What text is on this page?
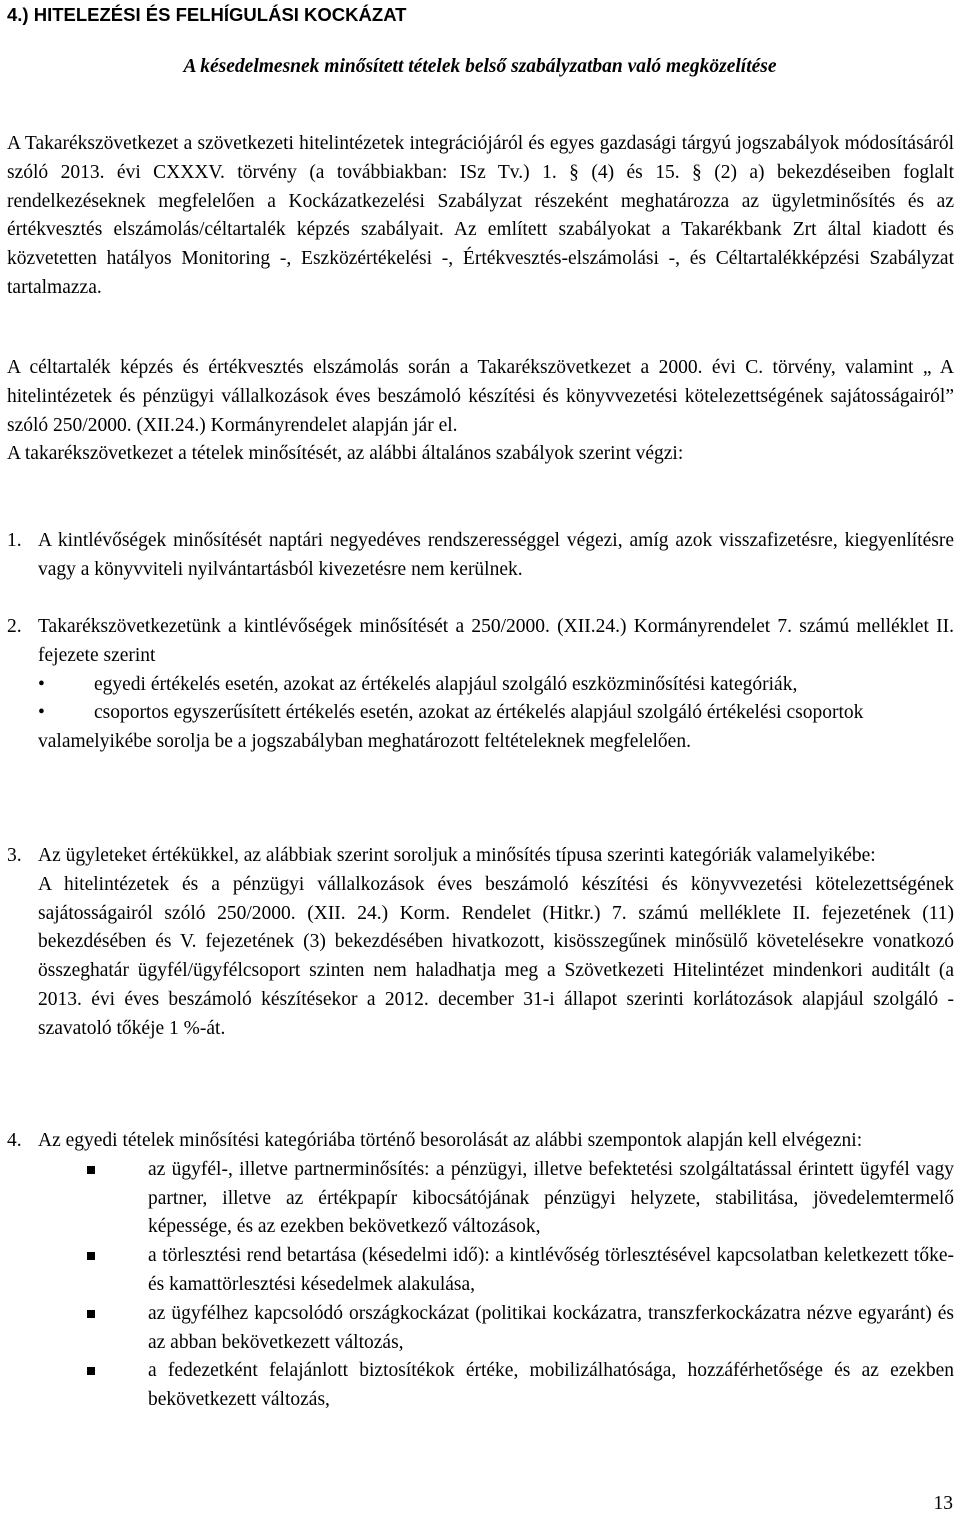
4.) HITELEZÉSI ÉS FELHÍGULÁSI KOCKÁZAT
A késedelmesnek minősített tételek belső szabályzatban való megközelítése

A Takarékszövetkezet a szövetkezeti hitelintézetek integrációjáról és egyes gazdasági tárgyú jogszabályok módosításáról szóló 2013. évi CXXXV. törvény (a továbbiakban: ISz Tv.) 1. § (4) és 15. § (2) a) bekezdéseiben foglalt rendelkezéseknek megfelelően a Kockázatkezelési Szabályzat részeként meghatározza az ügyletminősítés és az értékvesztés elszámolás/céltartalék képzés szabályait. Az említett szabályokat a Takarékbank Zrt által kiadott és közvetetten hatályos Monitoring -, Eszközértékelési -, Értékvesztés-elszámolási -, és Céltartalékképzési Szabályzat tartalmazza.

A céltartalék képzés és értékvesztés elszámolás során a Takarékszövetkezet a 2000. évi C. törvény, valamint „ A hitelintézetek és pénzügyi vállalkozások éves beszámoló készítési és könyvvezetési kötelezettségének sajátosságairól” szóló 250/2000. (XII.24.) Kormányrendelet alapján jár el.

A takarékszövetkezet a tételek minősítését, az alábbi általános szabályok szerint végzi:

1. A kintlévőségek minősítését naptári negyedéves rendszerességgel végezi, amíg azok visszafizetésre, kiegyenlítésre vagy a könyvviteli nyilvántartásból kivezetésre nem kerülnek.

2. Takarékszövetkezetünk a kintlévőségek minősítését a 250/2000. (XII.24.) Kormányrendelet 7. számú melléklet II. fejezete szerint

•	egyedi értékelés esetén, azokat az értékelés alapjául szolgáló eszközminősítési kategóriák,
•	csoportos egyszerűsített értékelés esetén, azokat az értékelés alapjául szolgáló értékelési csoportok

valamelyikébe sorolja be a jogszabályban meghatározott feltételeknek megfelelően.

3. Az ügyleteket értékükkel, az alábbiak szerint soroljuk a minősítés típusa szerinti kategóriák valamelyikébe:

A hitelintézetek és a pénzügyi vállalkozások éves beszámoló készítési és könyvvezetési kötelezettségének sajátosságairól szóló 250/2000. (XII. 24.) Korm. Rendelet (Hitkr.) 7. számú melléklete II. fejezetének (11) bekezdésében és V. fejezetének (3) bekezdésében hivatkozott, kisösszegűnek minősülő követelésekre vonatkozó összeghatár ügyfél/ügyfélcsoport szinten nem haladhatja meg a Szövetkezeti Hitelintézet mindenkori auditált (a 2013. évi éves beszámoló készítésekor a 2012. december 31-i állapot szerinti korlátozások alapjául szolgáló - szavatoló tőkéje 1 %-át.

4. Az egyedi tételek minősítési kategóriába történő besorolását az alábbi szempontok alapján kell elvégezni:

az ügyfél-, illetve partnerminősítés: a pénzügyi, illetve befektetési szolgáltatással érintett ügyfél vagy partner, illetve az értékpapír kibocsátójának pénzügyi helyzete, stabilitása, jövedelemtermelő képessége, és az ezekben bekövetkező változások,
a törlesztési rend betartása (késedelmi idő): a kintlévőség törlesztésével kapcsolatban keletkezett tőke- és kamattörlesztési késedelmek alakulása,
az ügyfélhez kapcsolódó országkockázat (politikai kockázatra, transzferkockázatra nézve egyaránt) és az abban bekövetkezett változás,
a fedezetként felajánlott biztosítékok értéke, mobilizálhatósága, hozzáférhetősége és az ezekben bekövetkezett változás,
13
